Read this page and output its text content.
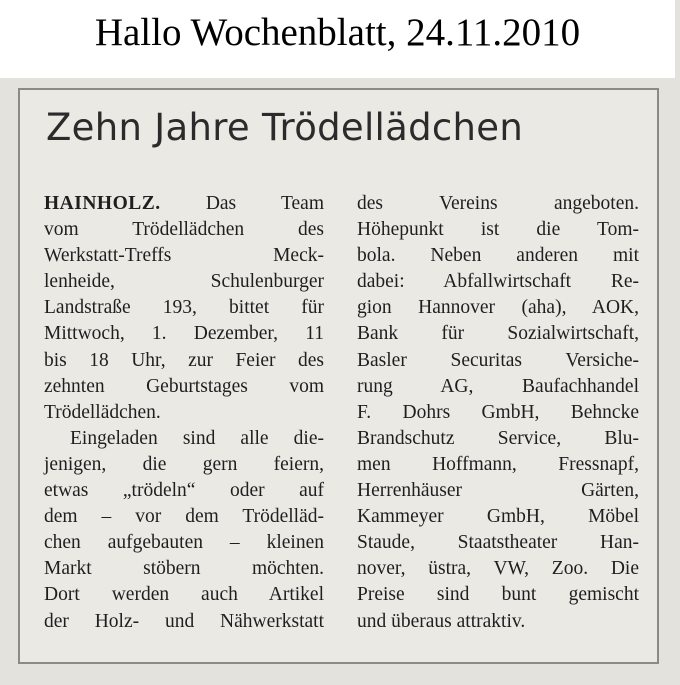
Hallo Wochenblatt, 24.11.2010
Zehn Jahre Trödellädchen
HAINHOLZ. Das Team
vom Trödellädchen des
Werkstatt-Treffs Meck-
lenheide, Schulenburger
Landstraße 193, bittet für
Mittwoch, 1. Dezember, 11
bis 18 Uhr, zur Feier des
zehnten Geburtstages vom
Trödellädchen.
Eingeladen sind alle die-
jenigen, die gern feiern,
etwas „trödeln“ oder auf
dem – vor dem Trödelläd-
chen aufgebauten – kleinen
Markt stöbern möchten.
Dort werden auch Artikel
der Holz- und Nähwerkstatt
des Vereins angeboten.
Höhepunkt ist die Tom-
bola. Neben anderen mit
dabei: Abfallwirtschaft Re-
gion Hannover (aha), AOK,
Bank für Sozialwirtschaft,
Basler Securitas Versiche-
rung AG, Baufachhandel
F. Dohrs GmbH, Behncke
Brandschutz Service, Blu-
men Hoffmann, Fressnapf,
Herrenhäuser Gärten,
Kammeyer GmbH, Möbel
Staude, Staatstheater Han-
nover, üstra, VW, Zoo. Die
Preise sind bunt gemischt
und überaus attraktiv.
